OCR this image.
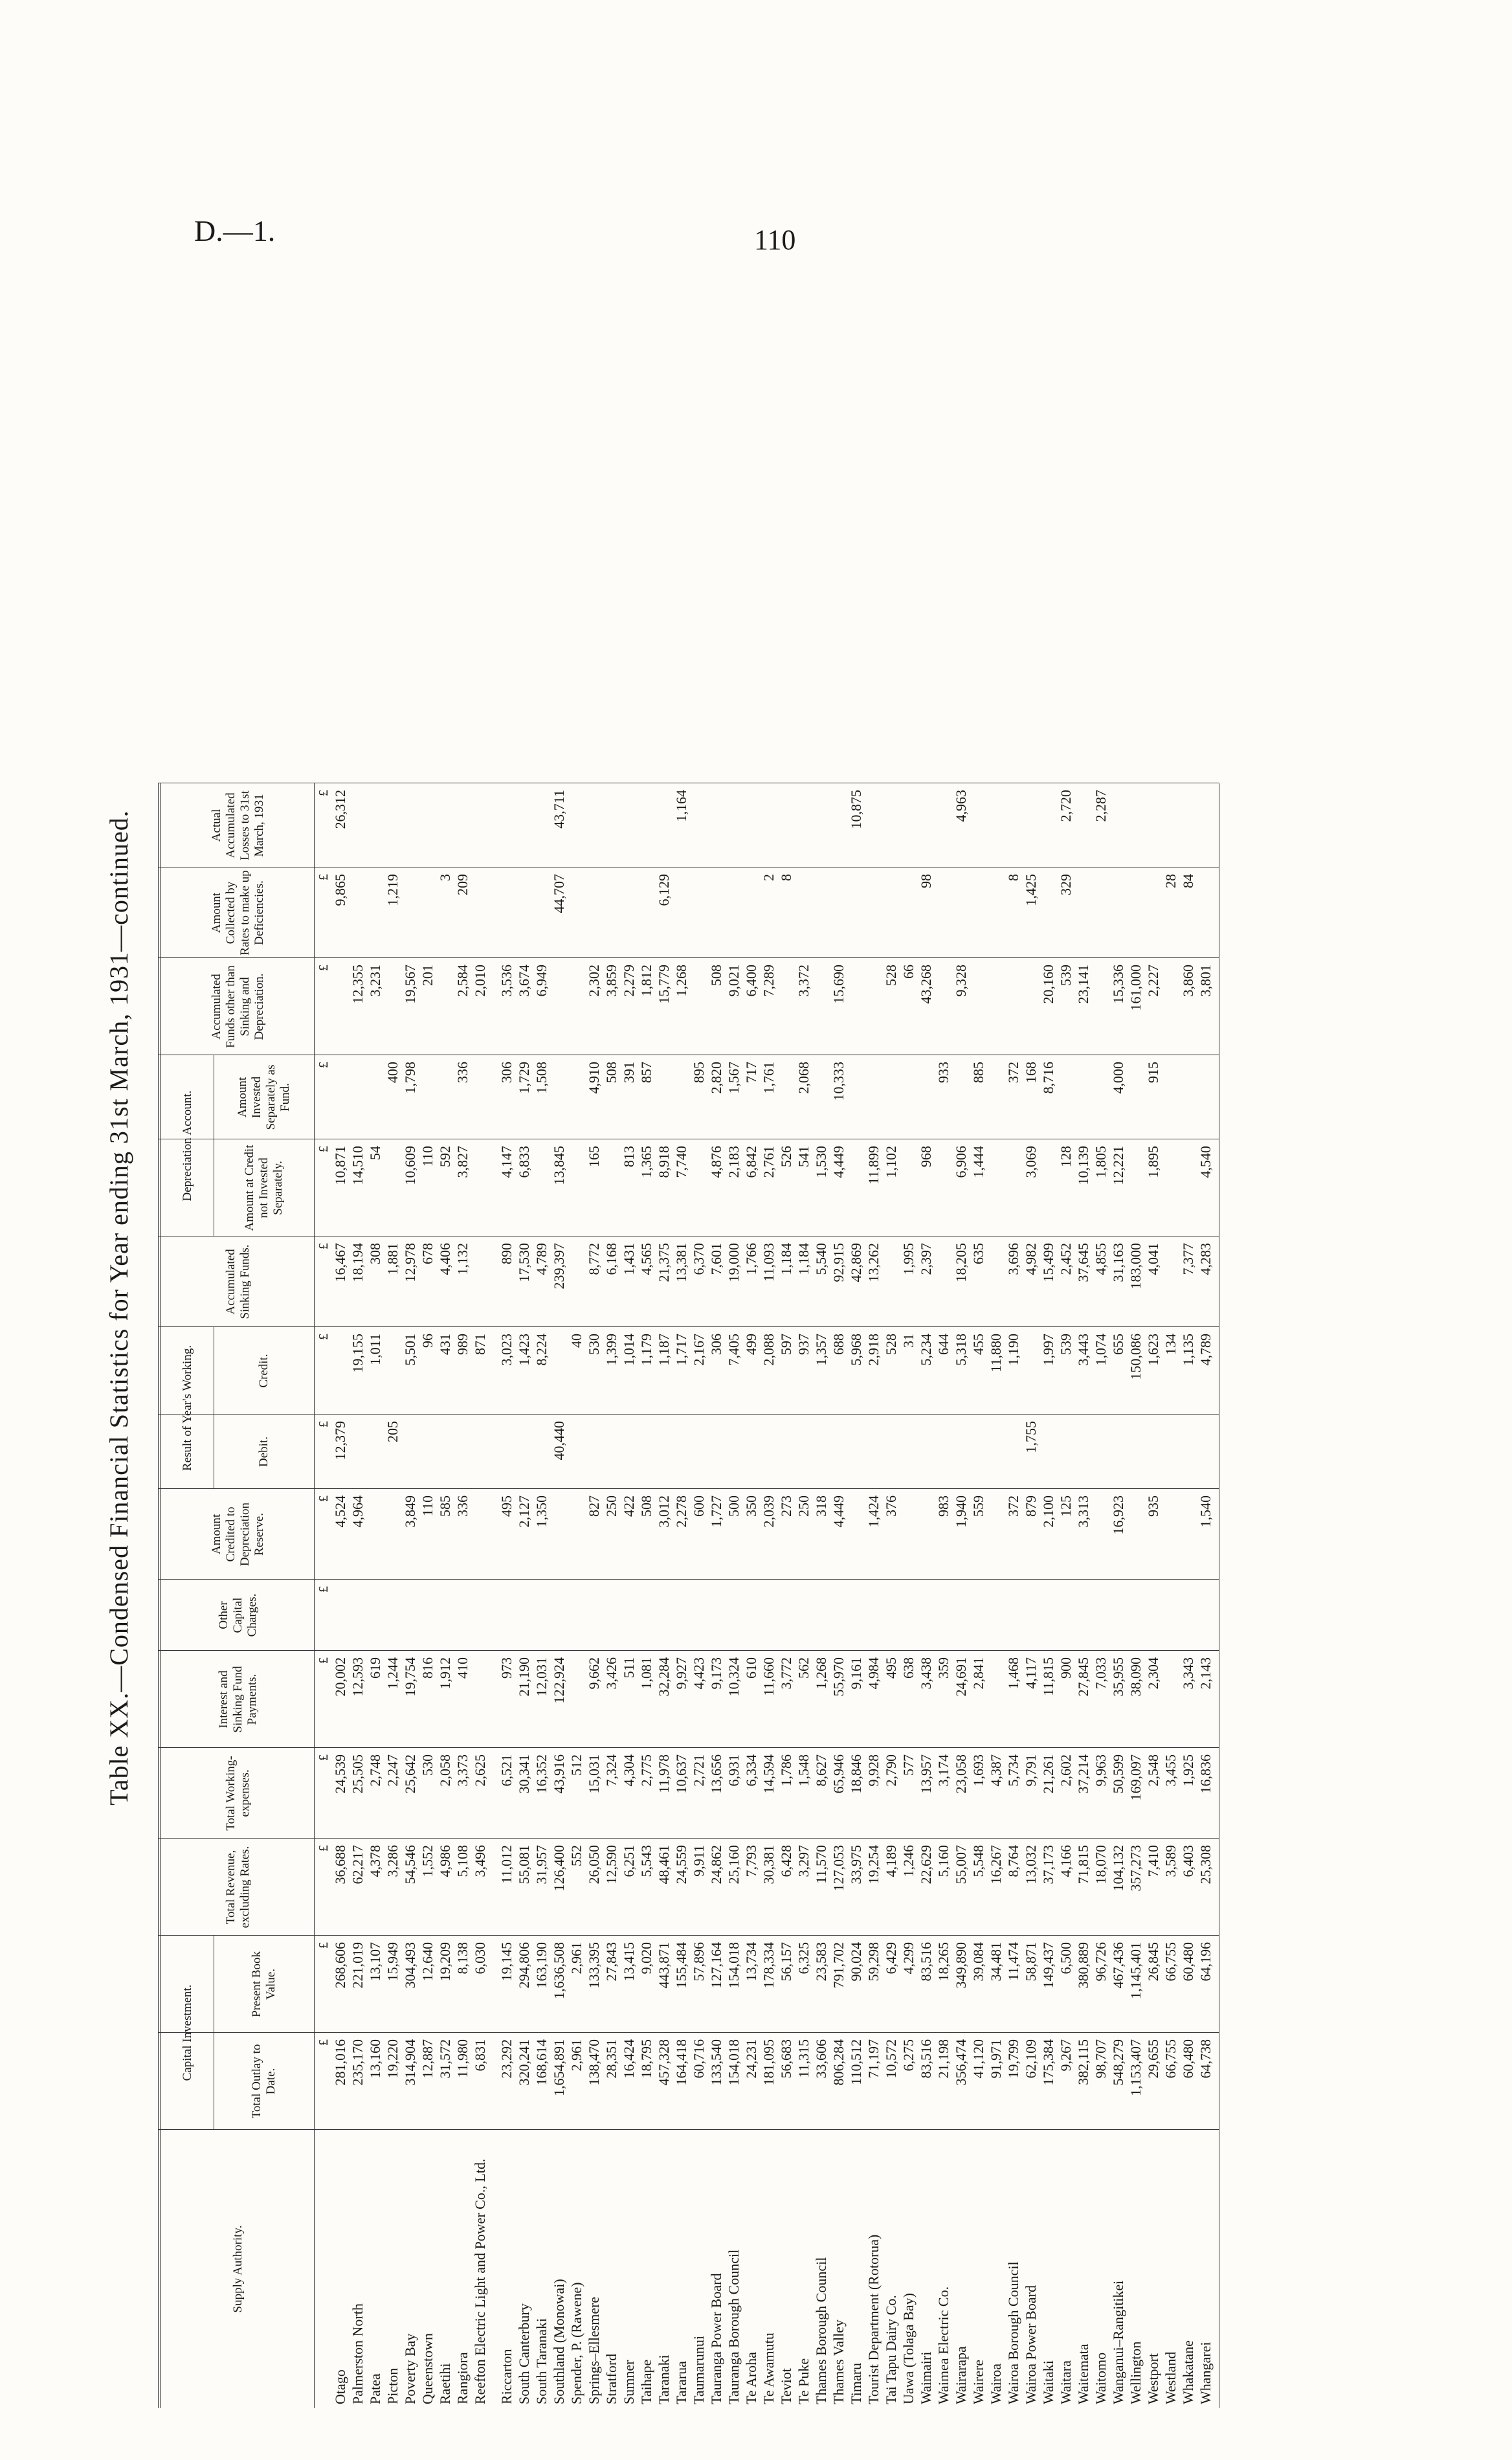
D.—1.	110
Table XX.—Condensed Financial Statistics for Year ending 31st March, 1931—continued.
Supply Authority.
Capital Investment.
Result of Year's Working.
Depreciation Account.
Total Outlay to Date.
Present Book Value.
Total Revenue, excluding Rates.
Total Working-expenses.
Interest and Sinking Fund Payments.
Other Capital Charges.
Amount Credited to Depreciation Reserve.
Debit.
Credit.
Accumulated Sinking Funds.
Amount at Credit not Invested Separately.
Amount Invested Separately as Fund.
Accumulated Funds other than Sinking and Depreciation.
Amount Collected by Rates to make up Deficiencies.
Actual Accumulated Losses to 31st March, 1931
£
£
£
£
£
£
£
£
£
£
£
£
£
£
£
Otago
281,016
268,606
36,688
24,539
20,002
4,524
12,379
16,467
10,871
9,865
26,312
Palmerston North
235,170
221,019
62,217
25,505
12,593
4,964
19,155
18,194
14,510
12,355
Patea
13,160
13,107
4,378
2,748
619
1,011
308
54
3,231
Picton
19,220
15,949
3,286
2,247
1,244
205
1,881
400
1,219
Poverty Bay
314,904
304,493
54,546
25,642
19,754
3,849
5,501
12,978
10,609
1,798
19,567
Queenstown
12,887
12,640
1,552
530
816
110
96
678
110
201
Raetihi
31,572
19,209
4,986
2,058
1,912
585
431
4,406
592
3
Rangiora
11,980
8,138
5,108
3,373
410
336
989
1,132
3,827
336
2,584
209
Reefton Electric Light and Power Co., Ltd.
6,831
6,030
3,496
2,625
871
2,010
Riccarton
23,292
19,145
11,012
6,521
973
495
3,023
890
4,147
306
3,536
South Canterbury
320,241
294,806
55,081
30,341
21,190
2,127
1,423
17,530
6,833
1,729
3,674
South Taranaki
168,614
163,190
31,957
16,352
12,031
1,350
8,224
4,789
1,508
6,949
Southland (Monowai)
1,654,891
1,636,508
126,400
43,916
122,924
40,440
239,397
13,845
44,707
43,711
Spender, P. (Rawene)
2,961
2,961
552
512
40
Springs–Ellesmere
138,470
133,395
26,050
15,031
9,662
827
530
8,772
165
4,910
2,302
Stratford
28,351
27,843
12,590
7,324
3,426
250
1,399
6,168
508
3,859
Sumner
16,424
13,415
6,251
4,304
511
422
1,014
1,431
813
391
2,279
Taihape
18,795
9,020
5,543
2,775
1,081
508
1,179
4,565
1,365
857
1,812
Taranaki
457,328
443,871
48,461
11,978
32,284
3,012
1,187
21,375
8,918
15,779
6,129
Tararua
164,418
155,484
24,559
10,637
9,927
2,278
1,717
13,381
7,740
1,268
1,164
Taumarunui
60,716
57,896
9,911
2,721
4,423
600
2,167
6,370
895
Tauranga Power Board
133,540
127,164
24,862
13,656
9,173
1,727
306
7,601
4,876
2,820
508
Tauranga Borough Council
154,018
154,018
25,160
6,931
10,324
500
7,405
19,000
2,183
1,567
9,021
Te Aroha
24,231
13,734
7,793
6,334
610
350
499
1,766
6,842
717
6,400
Te Awamutu
181,095
178,334
30,381
14,594
11,660
2,039
2,088
11,093
2,761
1,761
7,289
2
Teviot
56,683
56,157
6,428
1,786
3,772
273
597
1,184
526
8
Te Puke
11,315
6,325
3,297
1,548
562
250
937
1,184
541
2,068
3,372
Thames Borough Council
33,606
23,583
11,570
8,627
1,268
318
1,357
5,540
1,530
Thames Valley
806,284
791,702
127,053
65,946
55,970
4,449
688
92,915
4,449
10,333
15,690
Timaru
110,512
90,024
33,975
18,846
9,161
5,968
42,869
10,875
Tourist Department (Rotorua)
71,197
59,298
19,254
9,928
4,984
1,424
2,918
13,262
11,899
Tai Tapu Dairy Co.
10,572
6,429
4,189
2,790
495
376
528
1,102
528
Uawa (Tolaga Bay)
6,275
4,299
1,246
577
638
31
1,995
66
Waimairi
83,516
83,516
22,629
13,957
3,438
5,234
2,397
968
43,268
98
Waimea Electric Co.
21,198
18,265
5,160
3,174
359
983
644
933
Wairarapa
356,474
349,890
55,007
23,058
24,691
1,940
5,318
18,205
6,906
9,328
4,963
Wairere
41,120
39,084
5,548
1,693
2,841
559
455
635
1,444
885
Wairoa
91,971
34,481
16,267
4,387
11,880
Wairoa Borough Council
19,799
11,474
8,764
5,734
1,468
372
1,190
3,696
372
8
Wairoa Power Board
62,109
58,871
13,032
9,791
4,117
879
1,755
4,982
3,069
168
1,425
Waitaki
175,384
149,437
37,173
21,261
11,815
2,100
1,997
15,499
8,716
20,160
Waitara
9,267
6,500
4,166
2,602
900
125
539
2,452
128
539
329
2,720
Waitemata
382,115
380,889
71,815
37,214
27,845
3,313
3,443
37,645
10,139
23,141
Waitomo
98,707
96,726
18,070
9,963
7,033
1,074
4,855
1,805
2,287
Wanganui–Rangitikei
548,279
467,436
104,132
50,599
35,955
16,923
655
31,163
12,221
4,000
15,336
Wellington
1,153,407
1,145,401
357,273
169,097
38,090
150,086
183,000
161,000
Westport
29,655
26,845
7,410
2,548
2,304
935
1,623
4,041
1,895
915
2,227
Westland
66,755
66,755
3,589
3,455
134
28
Whakatane
60,480
60,480
6,403
1,925
3,343
1,135
7,377
3,860
84
Whangarei
64,738
64,196
25,308
16,836
2,143
1,540
4,789
4,283
4,540
3,801
